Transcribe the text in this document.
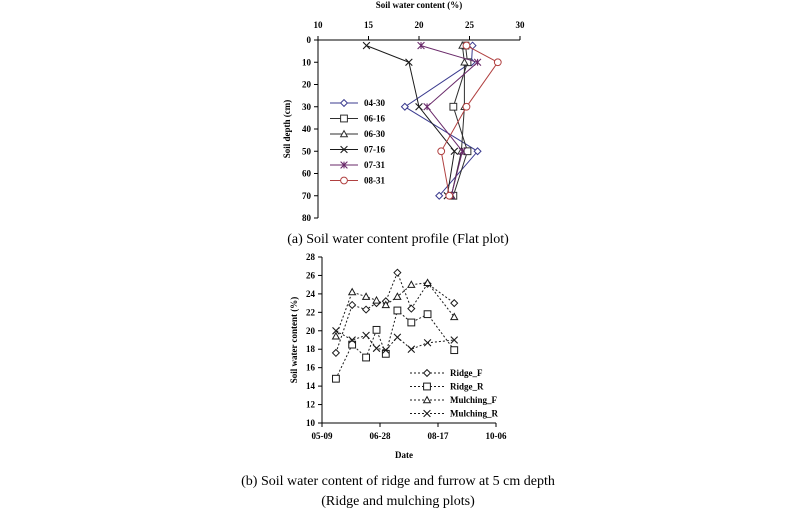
10	15	20	25	30
0
10
20
30
40
50
60
70
80
Soil water content (%)
Soil depth (cm)	04-30
06-16
06-30
07-16
07-31
08-31
05-09	06-28	08-17	10-06
10
12
14
16
18
20
22
24
26
28
Date
Soil water content (%)	Ridge_F
Ridge_R
Mulching_F
Mulching_R
(a) Soil water content profile (Flat plot)
(b) Soil water content of ridge and furrow at 5 cm depth
(Ridge and mulching plots)
